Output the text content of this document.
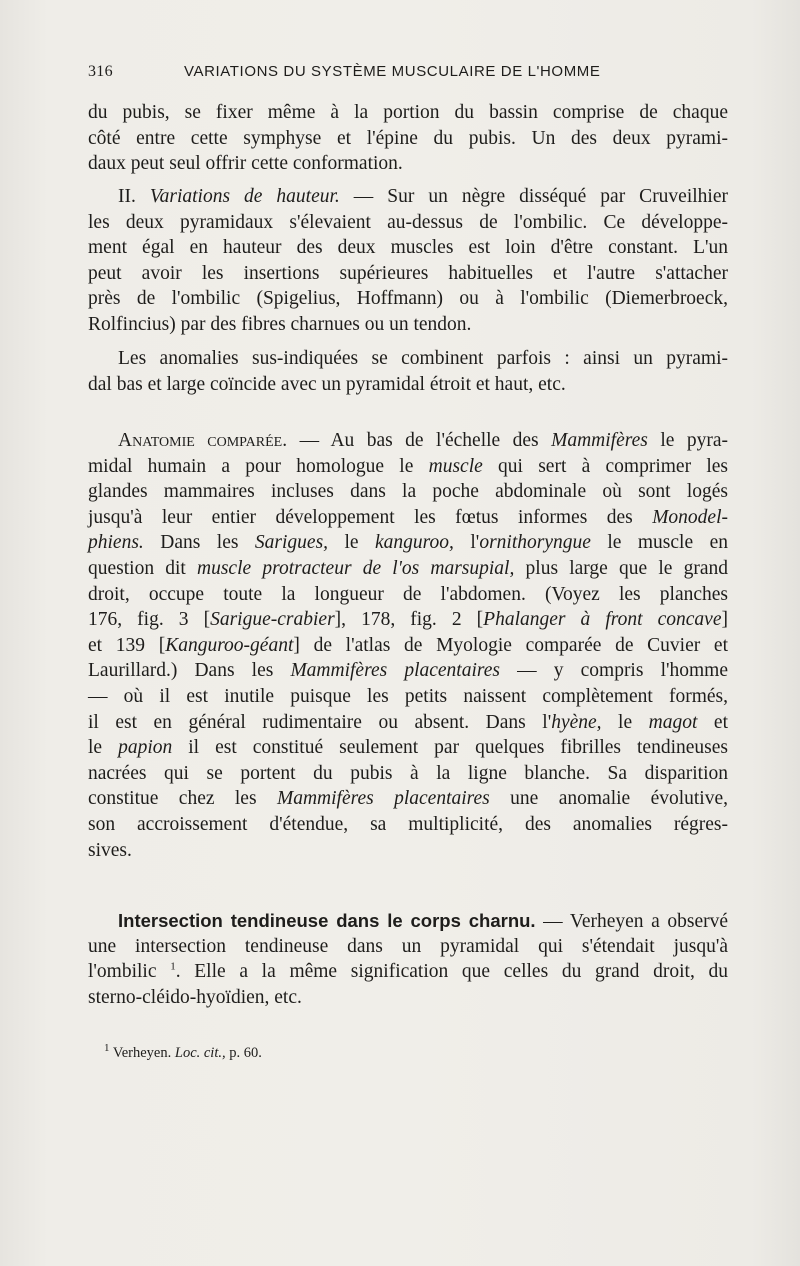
316	VARIATIONS DU SYSTÈME MUSCULAIRE DE L'HOMME
du pubis, se fixer même à la portion du bassin comprise de chaque
côté entre cette symphyse et l'épine du pubis. Un des deux pyrami-
daux peut seul offrir cette conformation.
II. Variations de hauteur. — Sur un nègre disséqué par Cruveilhier
les deux pyramidaux s'élevaient au-dessus de l'ombilic. Ce développe-
ment égal en hauteur des deux muscles est loin d'être constant. L'un
peut avoir les insertions supérieures habituelles et l'autre s'attacher
près de l'ombilic (Spigelius, Hoffmann) ou à l'ombilic (Diemerbroeck,
Rolfincius) par des fibres charnues ou un tendon.
Les anomalies sus-indiquées se combinent parfois : ainsi un pyrami-
dal bas et large coïncide avec un pyramidal étroit et haut, etc.
Anatomie comparée. — Au bas de l'échelle des Mammifères le pyra-
midal humain a pour homologue le muscle qui sert à comprimer les
glandes mammaires incluses dans la poche abdominale où sont logés
jusqu'à leur entier développement les fœtus informes des Monodel-
phiens. Dans les Sarigues, le kanguroo, l'ornithoryngue le muscle en
question dit muscle protracteur de l'os marsupial, plus large que le grand
droit, occupe toute la longueur de l'abdomen. (Voyez les planches
176, fig. 3 [Sarigue-crabier], 178, fig. 2 [Phalanger à front concave]
et 139 [Kanguroo-géant] de l'atlas de Myologie comparée de Cuvier et
Laurillard.) Dans les Mammifères placentaires — y compris l'homme
— où il est inutile puisque les petits naissent complètement formés,
il est en général rudimentaire ou absent. Dans l'hyène, le magot et
le papion il est constitué seulement par quelques fibrilles tendineuses
nacrées qui se portent du pubis à la ligne blanche. Sa disparition
constitue chez les Mammifères placentaires une anomalie évolutive,
son accroissement d'étendue, sa multiplicité, des anomalies régres-
sives.
Intersection tendineuse dans le corps charnu. — Verheyen a observé
une intersection tendineuse dans un pyramidal qui s'étendait jusqu'à
l'ombilic $^1$. Elle a la même signification que celles du grand droit, du
sterno-cléido-hyoïdien, etc.
$^1$ Verheyen. Loc. cit., p. 60.
